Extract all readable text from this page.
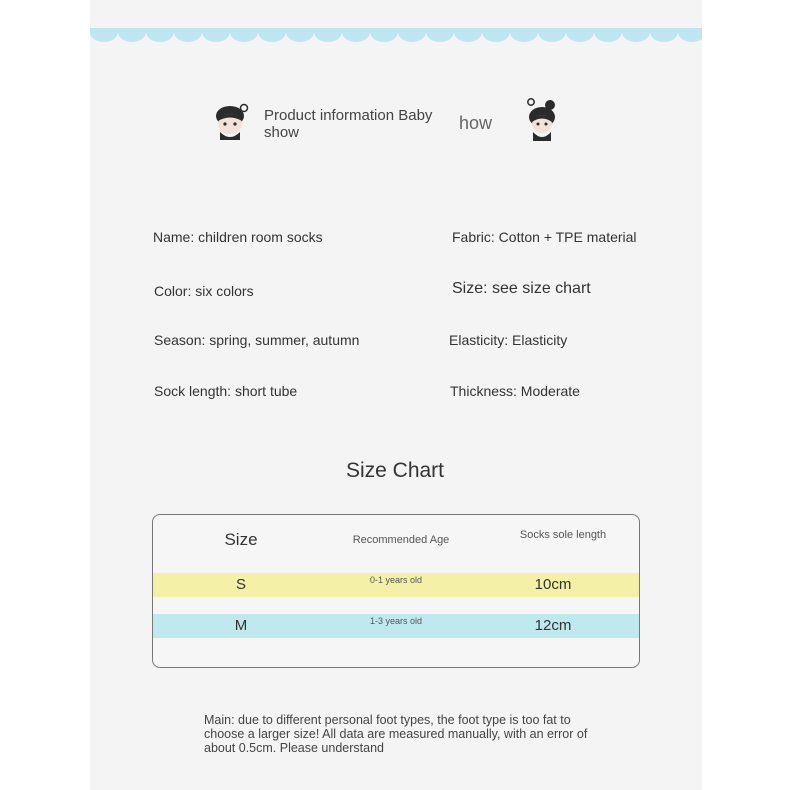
Product information Baby show	how
Name: children room socks	Fabric: Cotton + TPE material
Color: six colors	Size: see size chart
Season: spring, summer, autumn	Elasticity: Elasticity
Sock length: short tube	Thickness: Moderate
Size Chart
Size	Recommended Age	Socks sole length
S	0-1 years old	10cm
M	1-3 years old	12cm
Main: due to different personal foot types, the foot type is too fat to choose a larger size! All data are measured manually, with an error of about 0.5cm. Please understand
